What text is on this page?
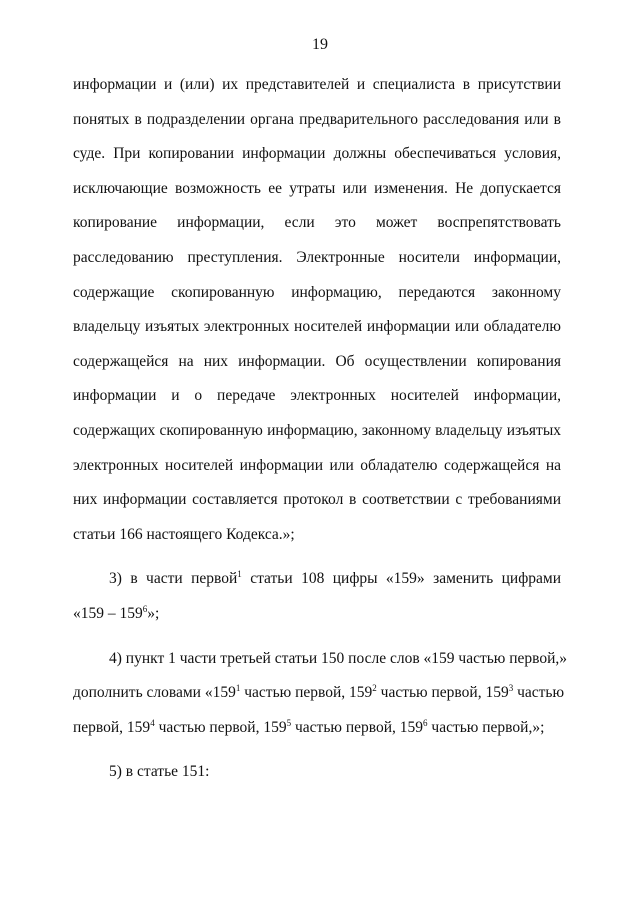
19
информации и (или) их представителей и специалиста в присутствии
понятых в подразделении органа предварительного расследования или в
суде. При копировании информации должны обеспечиваться условия,
исключающие возможность ее утраты или изменения. Не допускается
копирование информации, если это может воспрепятствовать
расследованию преступления. Электронные носители информации,
содержащие скопированную информацию, передаются законному
владельцу изъятых электронных носителей информации или обладателю
содержащейся на них информации. Об осуществлении копирования
информации и о передаче электронных носителей информации,
содержащих скопированную информацию, законному владельцу изъятых
электронных носителей информации или обладателю содержащейся на
них информации составляется протокол в соответствии с требованиями
статьи 166 настоящего Кодекса.»;
3) в части первой$^1$ статьи 108 цифры «159» заменить цифрами
«$159 - 159^6$»;
4) пункт 1 части третьей статьи 150 после слов «159 частью первой,»
дополнить словами «$159^1$ частью первой, $159^2$ частью первой, $159^3$ частью
первой, $159^4$ частью первой, $159^5$ частью первой, $159^6$ частью первой,»;
5) в статье 151:
